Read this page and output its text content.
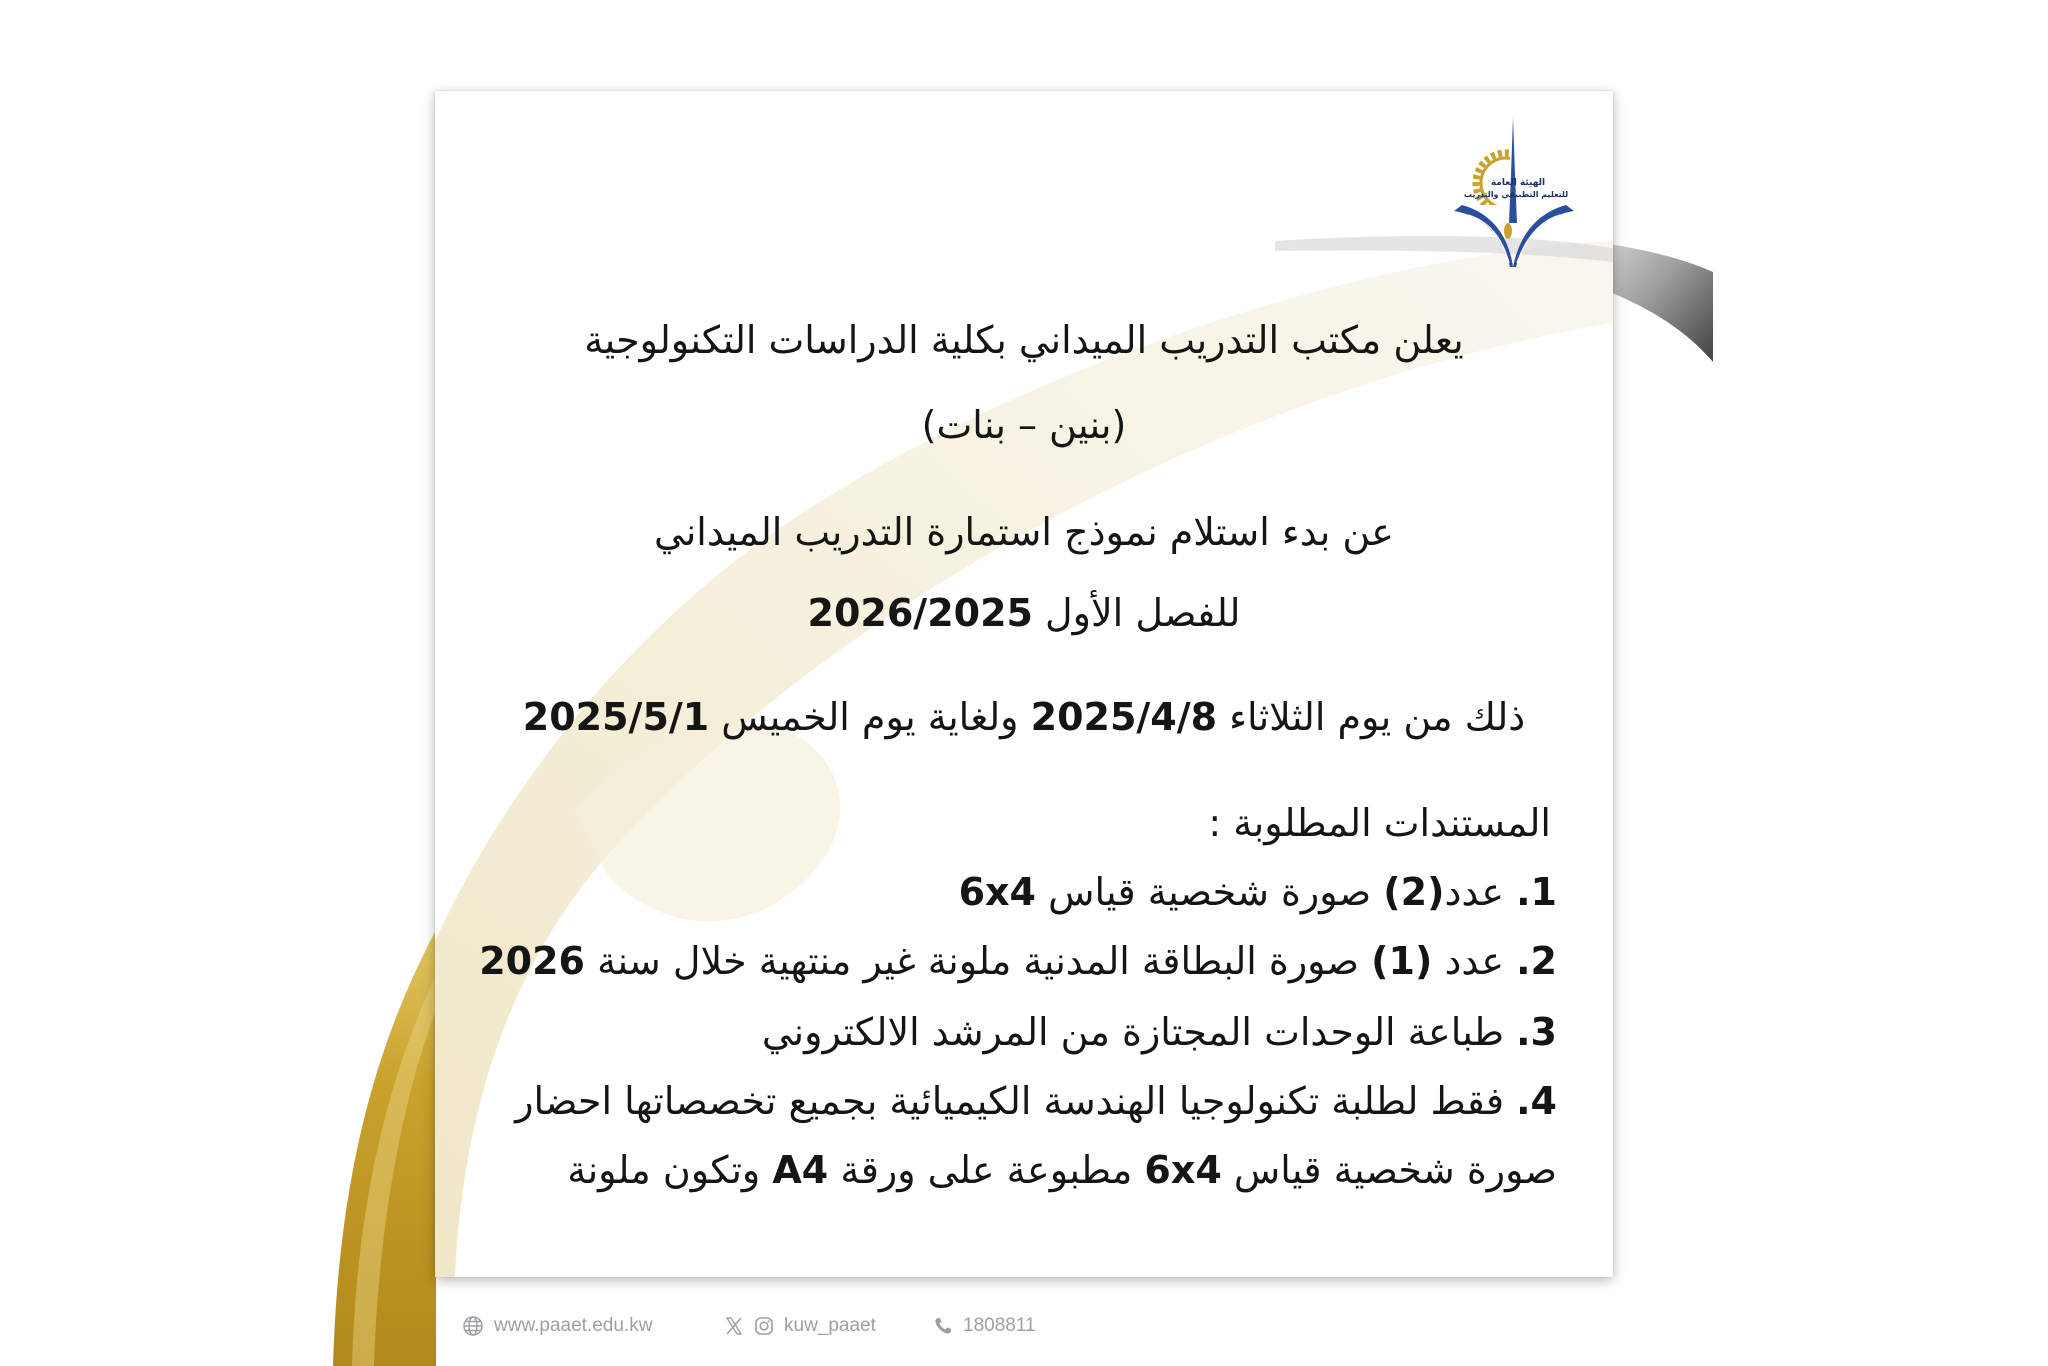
الهيئة العامة
للتعليم التطبيقي والتدريب
يعلن مكتب التدريب الميداني بكلية الدراسات التكنولوجية
(بنين – بنات)
عن بدء استلام نموذج استمارة التدريب الميداني
للفصل الأول 2026/2025
ذلك من يوم الثلاثاء 2025/4/8 ولغاية يوم الخميس 2025/5/1
المستندات المطلوبة :
1. عدد(2) صورة شخصية قياس 6x4
2. عدد (1) صورة البطاقة المدنية ملونة غير منتهية خلال سنة 2026
3. طباعة الوحدات المجتازة من المرشد الالكتروني
4. فقط لطلبة تكنولوجيا الهندسة الكيميائية بجميع تخصصاتها احضار
صورة شخصية قياس 6x4 مطبوعة على ورقة A4 وتكون ملونة
www.paaet.edu.kw	kuw_paaet	1808811
